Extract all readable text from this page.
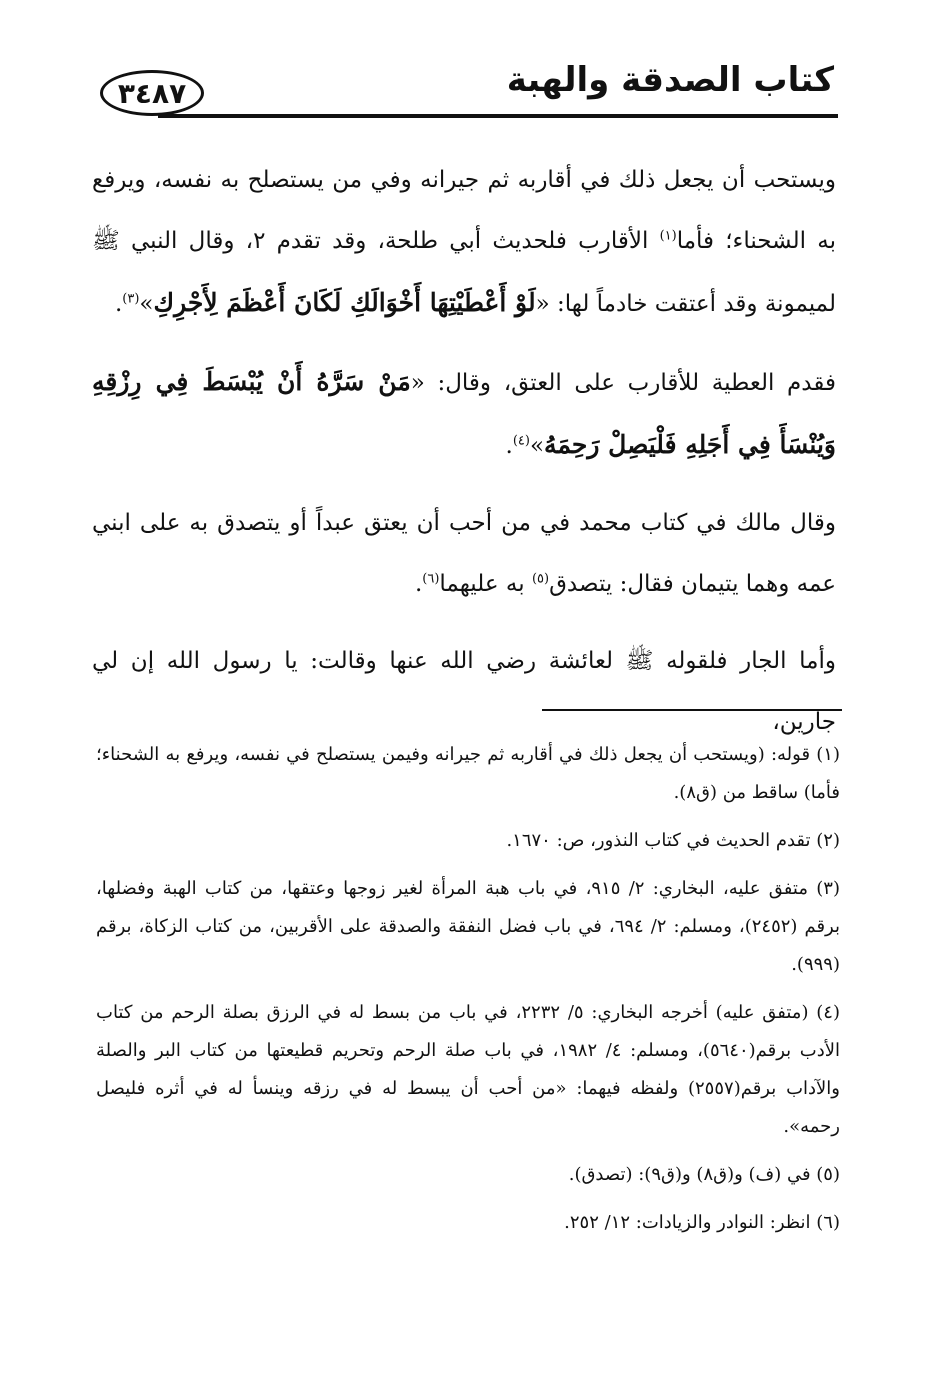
كتاب الصدقة والهبة
٣٤٨٧

ويستحب أن يجعل ذلك في أقاربه ثم جيرانه وفي من يستصلح به نفسه، ويرفع به الشحناء؛ فأما$^{(١)}$ الأقارب فلحديث أبي طلحة، وقد تقدم ٢، وقال النبي ﷺ لميمونة وقد أعتقت خادماً لها: «لَوْ أَعْطَيْتِهَا أَخْوَالَكِ لَكَانَ أَعْظَمَ لِأَجْرِكِ»$^{(٣)}$.

فقدم العطية للأقارب على العتق، وقال: «مَنْ سَرَّهُ أَنْ يُبْسَطَ فِي رِزْقِهِ وَيُنْسَأَ فِي أَجَلِهِ فَلْيَصِلْ رَحِمَهُ»$^{(٤)}$.

وقال مالك في كتاب محمد في من أحب أن يعتق عبداً أو يتصدق به على ابني عمه وهما يتيمان فقال: يتصدق$^{(٥)}$ به عليهما$^{(٦)}$.

وأما الجار فلقوله ﷺ لعائشة رضي الله عنها وقالت: يا رسول الله إن لي جارين،

(١) قوله: (ويستحب أن يجعل ذلك في أقاربه ثم جيرانه وفيمن يستصلح في نفسه، ويرفع به الشحناء؛ فأما) ساقط من (ق٨).

(٢) تقدم الحديث في كتاب النذور، ص: ١٦٧٠.

(٣) متفق عليه، البخاري: ٢/ ٩١٥، في باب هبة المرأة لغير زوجها وعتقها، من كتاب الهبة وفضلها، برقم (٢٤٥٢)، ومسلم: ٢/ ٦٩٤، في باب فضل النفقة والصدقة على الأقربين، من كتاب الزكاة، برقم (٩٩٩).

(٤) (متفق عليه) أخرجه البخاري: ٥/ ٢٢٣٢، في باب من بسط له في الرزق بصلة الرحم من كتاب الأدب برقم(٥٦٤٠)، ومسلم: ٤/ ١٩٨٢، في باب صلة الرحم وتحريم قطيعتها من كتاب البر والصلة والآداب برقم(٢٥٥٧) ولفظه فيهما: «من أحب أن يبسط له في رزقه وينسأ له في أثره فليصل رحمه».

(٥) في (ف) و(ق٨) و(ق٩): (تصدق).

(٦) انظر: النوادر والزيادات: ١٢/ ٢٥٢.
